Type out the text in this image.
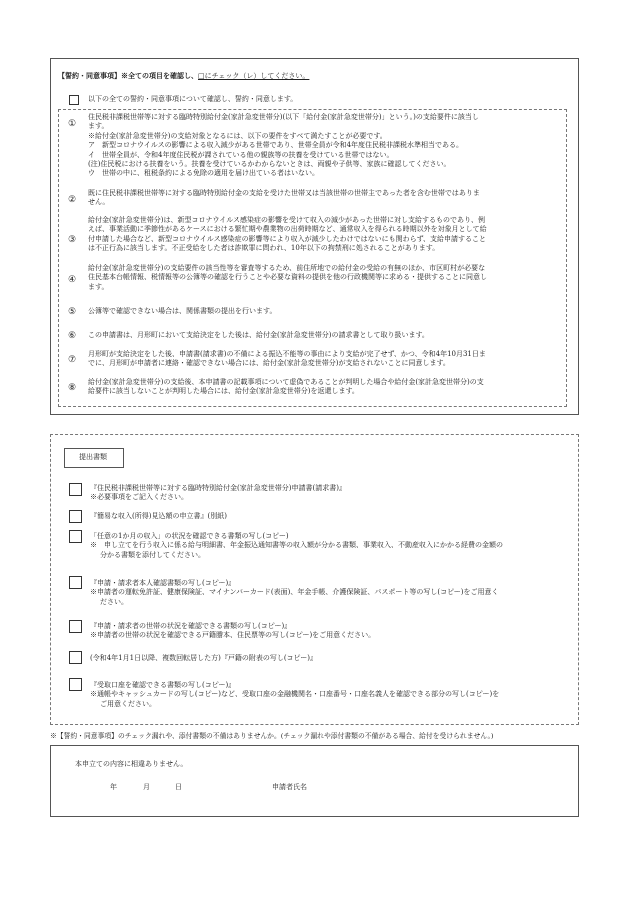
【誓約・同意事項】※全ての項目を確認し、□にチェック（レ）してください。
以下の全ての誓約・同意事項について確認し、誓約・同意します。
①
住民税非課税世帯等に対する臨時特別給付金(家計急変世帯分)(以下「給付金(家計急変世帯分)」という。)の支給要件に該当し
ます。
※給付金(家計急変世帯分)の支給対象となるには、以下の要件をすべて満たすことが必要です。
ア　新型コロナウイルスの影響による収入減少がある世帯であり、世帯全員が令和4年度住民税非課税水準相当である。
イ　世帯全員が、令和4年度住民税が課されている他の親族等の扶養を受けている世帯ではない。
(注)住民税における扶養をいう。扶養を受けているかわからないときは、両親や子供等、家族に確認してください。
ウ　世帯の中に、租税条約による免除の適用を届け出ている者はいない。
②
既に住民税非課税世帯等に対する臨時特別給付金の支給を受けた世帯又は当該世帯の世帯主であった者を含む世帯ではありま
せん。
③
給付金(家計急変世帯分)は、新型コロナウイルス感染症の影響を受けて収入の減少があった世帯に対し支給するものであり、例
えば、事業活動に季節性があるケースにおける繁忙期や農業物の出荷時期など、通常収入を得られる時期以外を対象月として給
付申請した場合など、新型コロナウイルス感染症の影響等により収入が減少したわけではないにも関わらず、支給申請すること
は不正行為に該当します。不正受給をした者は詐欺罪に問われ、10年以下の拘禁刑に処されることがあります。
④
給付金(家計急変世帯分)の支給要件の該当性等を審査等するため、前住所地での給付金の受給の有無のほか、市区町村が必要な
住民基本台帳情報、税情報等の公簿等の確認を行うことや必要な資料の提供を他の行政機関等に求める・提供することに同意し
ます。
⑤ 公簿等で確認できない場合は、関係書類の提出を行います。
⑥ この申請書は、月形町において支給決定をした後は、給付金(家計急変世帯分)の請求書として取り扱います。
⑦
月形町が支給決定をした後、申請書(請求書)の不備による振込不能等の事由により支給が完了せず、かつ、令和4年10月31日ま
でに、月形町が申請者に連絡・確認できない場合には、給付金(家計急変世帯分)が支給されないことに同意します。
⑧
給付金(家計急変世帯分)の支給後、本申請書の記載事項について虚偽であることが判明した場合や給付金(家計急変世帯分)の支
給要件に該当しないことが判明した場合には、給付金(家計急変世帯分)を返還します。
提出書類
『住民税非課税世帯等に対する臨時特別給付金(家計急変世帯分)申請書(請求書)』
※必要事項をご記入ください。
『簡易な収入(所得)見込額の申立書』(別紙)
「任意の1か月の収入」の状況を確認できる書類の写し(コピー)
※　申し立てを行う収入に係る給与明細書、年金振込通知書等の収入額が分かる書類、事業収入、不動産収入にかかる経費の金額の
分かる書類を添付してください。
『申請・請求者本人確認書類の写し(コピー)』
※申請者の運転免許証、健康保険証、マイナンバーカード(表面)、年金手帳、介護保険証、パスポート等の写し(コピー)をご用意く
ださい。
『申請・請求者の世帯の状況を確認できる書類の写し(コピー)』
※申請者の世帯の状況を確認できる戸籍謄本、住民票等の写し(コピー)をご用意ください。
(令和4年1月1日以降、複数回転居した方)『戸籍の附表の写し(コピー)』
『受取口座を確認できる書類の写し(コピー)』
※通帳やキャッシュカードの写し(コピー)など、受取口座の金融機関名・口座番号・口座名義人を確認できる部分の写し(コピー)を
ご用意ください。
※【誓約・同意事項】のチェック漏れや、添付書類の不備はありませんか。(チェック漏れや添付書類の不備がある場合、給付を受けられません。)
本申立ての内容に相違ありません。
年	月	日	申請者氏名
